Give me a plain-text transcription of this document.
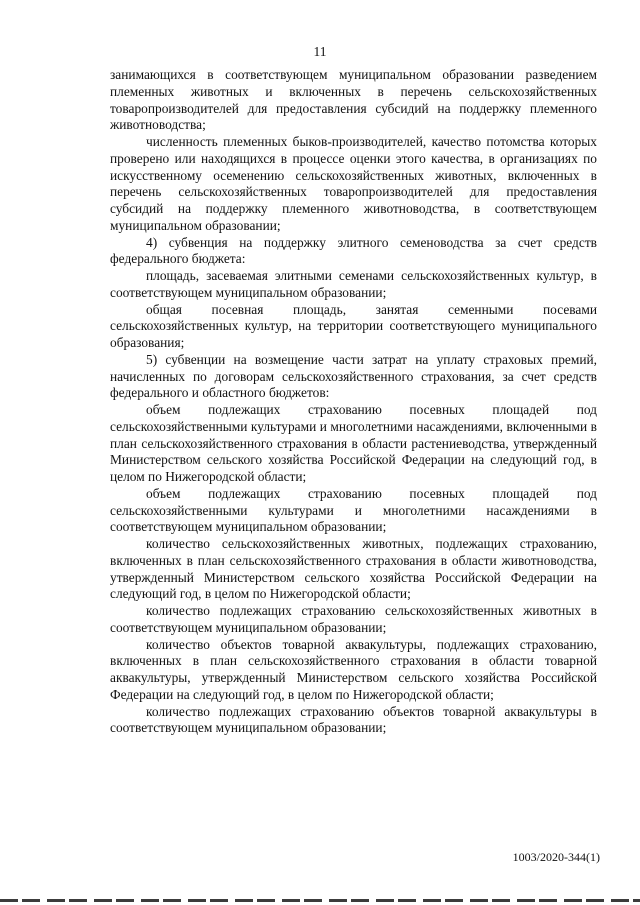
11

занимающихся в соответствующем муниципальном образовании разведением племенных животных и включенных в перечень сельскохозяйственных товаропроизводителей для предоставления субсидий на поддержку племенного животноводства;

численность племенных быков-производителей, качество потомства которых проверено или находящихся в процессе оценки этого качества, в организациях по искусственному осеменению сельскохозяйственных животных, включенных в перечень сельскохозяйственных товаропроизводителей для предоставления субсидий на поддержку племенного животноводства, в соответствующем муниципальном образовании;

4) субвенция на поддержку элитного семеноводства за счет средств федерального бюджета:

площадь, засеваемая элитными семенами сельскохозяйственных культур, в соответствующем муниципальном образовании;

общая посевная площадь, занятая семенными посевами сельскохозяйственных культур, на территории соответствующего муниципального образования;

5) субвенции на возмещение части затрат на уплату страховых премий, начисленных по договорам сельскохозяйственного страхования, за счет средств федерального и областного бюджетов:

объем подлежащих страхованию посевных площадей под сельскохозяйственными культурами и многолетними насаждениями, включенными в план сельскохозяйственного страхования в области растениеводства, утвержденный Министерством сельского хозяйства Российской Федерации на следующий год, в целом по Нижегородской области;

объем подлежащих страхованию посевных площадей под сельскохозяйственными культурами и многолетними насаждениями в соответствующем муниципальном образовании;

количество сельскохозяйственных животных, подлежащих страхованию, включенных в план сельскохозяйственного страхования в области животноводства, утвержденный Министерством сельского хозяйства Российской Федерации на следующий год, в целом по Нижегородской области;

количество подлежащих страхованию сельскохозяйственных животных в соответствующем муниципальном образовании;

количество объектов товарной аквакультуры, подлежащих страхованию, включенных в план сельскохозяйственного страхования в области товарной аквакультуры, утвержденный Министерством сельского хозяйства Российской Федерации на следующий год, в целом по Нижегородской области;

количество подлежащих страхованию объектов товарной аквакультуры в соответствующем муниципальном образовании;

1003/2020-344(1)
